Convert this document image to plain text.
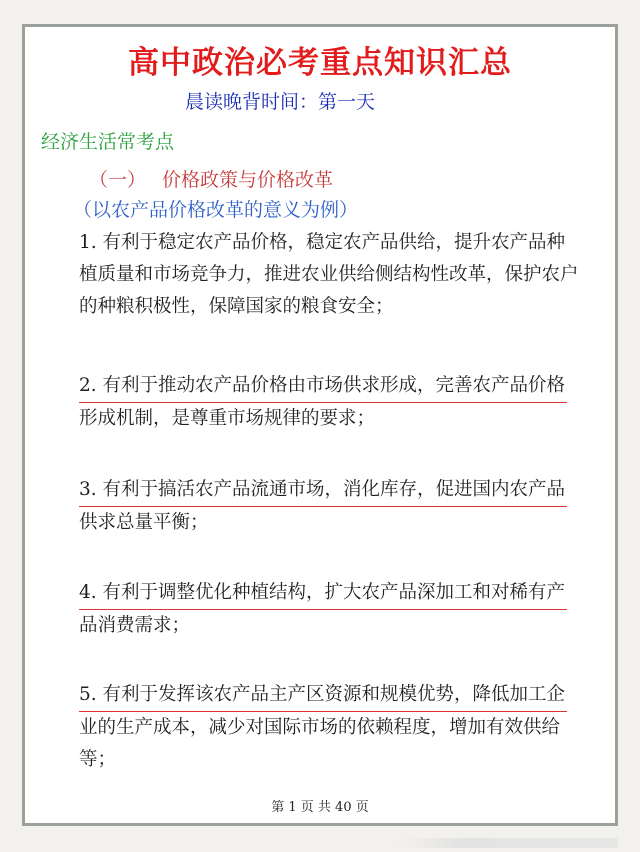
高中政治必考重点知识汇总
晨读晚背时间：第一天
经济生活常考点
（一） 价格政策与价格改革
（以农产品价格改革的意义为例）
1. 有利于稳定农产品价格，稳定农产品供给，提升农产品种
植质量和市场竞争力，推进农业供给侧结构性改革，保护农户
的种粮积极性，保障国家的粮食安全；
2. 有利于推动农产品价格由市场供求形成，完善农产品价格
形成机制，是尊重市场规律的要求；
3. 有利于搞活农产品流通市场，消化库存，促进国内农产品
供求总量平衡；
4. 有利于调整优化种植结构，扩大农产品深加工和对稀有产
品消费需求；
5. 有利于发挥该农产品主产区资源和规模优势，降低加工企
业的生产成本，减少对国际市场的依赖程度，增加有效供给
等；
第 1 页 共 40 页
